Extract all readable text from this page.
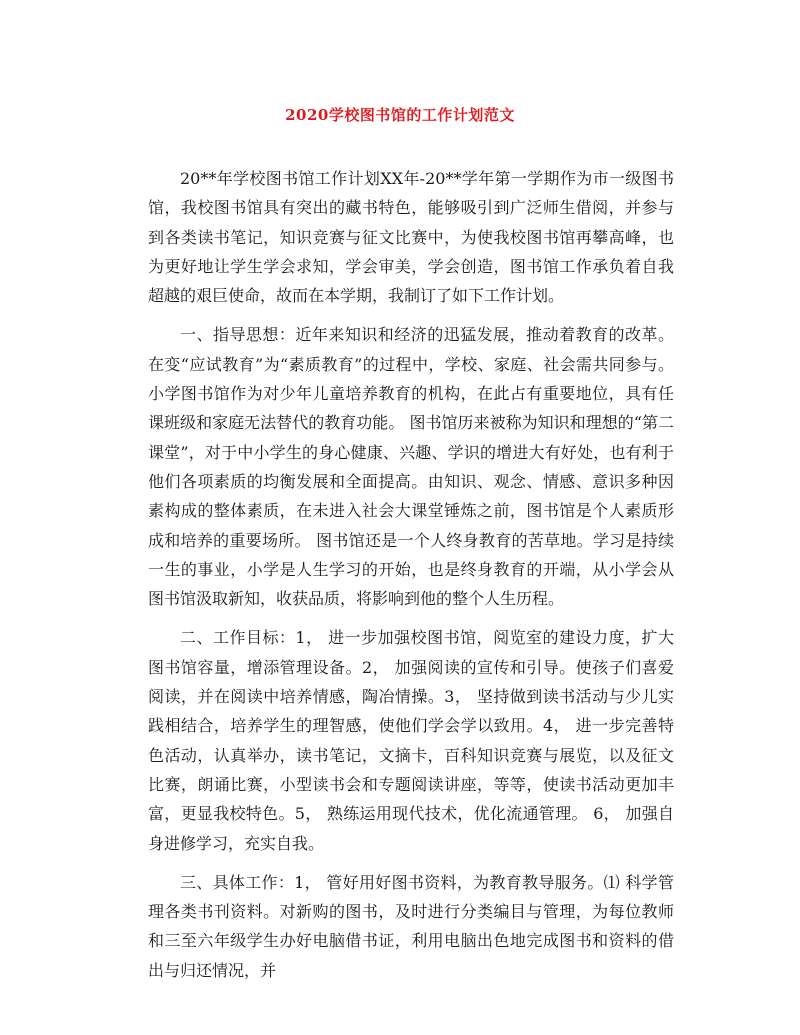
2020学校图书馆的工作计划范文

20**年学校图书馆工作计划XX年-20**学年第一学期作为市一级图书馆，我校图书馆具有突出的藏书特色，能够吸引到广泛师生借阅，并参与到各类读书笔记，知识竞赛与征文比赛中，为使我校图书馆再攀高峰，也为更好地让学生学会求知，学会审美，学会创造，图书馆工作承负着自我超越的艰巨使命，故而在本学期，我制订了如下工作计划。

一、指导思想：近年来知识和经济的迅猛发展，推动着教育的改革。在变“应试教育”为“素质教育”的过程中，学校、家庭、社会需共同参与。小学图书馆作为对少年儿童培养教育的机构，在此占有重要地位，具有任课班级和家庭无法替代的教育功能。 图书馆历来被称为知识和理想的“第二课堂”，对于中小学生的身心健康、兴趣、学识的增进大有好处，也有利于他们各项素质的均衡发展和全面提高。由知识、观念、情感、意识多种因素构成的整体素质，在未进入社会大课堂锤炼之前，图书馆是个人素质形成和培养的重要场所。 图书馆还是一个人终身教育的苦草地。学习是持续一生的事业，小学是人生学习的开始，也是终身教育的开端，从小学会从图书馆汲取新知，收获品质，将影响到他的整个人生历程。

二、工作目标：1， 进一步加强校图书馆，阅览室的建设力度，扩大图书馆容量，增添管理设备。2， 加强阅读的宣传和引导。使孩子们喜爱阅读，并在阅读中培养情感，陶冶情操。3， 坚持做到读书活动与少儿实践相结合，培养学生的理智感，使他们学会学以致用。4， 进一步完善特色活动，认真举办，读书笔记，文摘卡，百科知识竞赛与展览，以及征文比赛，朗诵比赛，小型读书会和专题阅读讲座，等等，使读书活动更加丰富，更显我校特色。5， 熟练运用现代技术，优化流通管理。 6， 加强自身进修学习，充实自我。

三、具体工作：1， 管好用好图书资料，为教育教导服务。⑴ 科学管理各类书刊资料。对新购的图书，及时进行分类编目与管理，为每位教师和三至六年级学生办好电脑借书证，利用电脑出色地完成图书和资料的借出与归还情况，并
